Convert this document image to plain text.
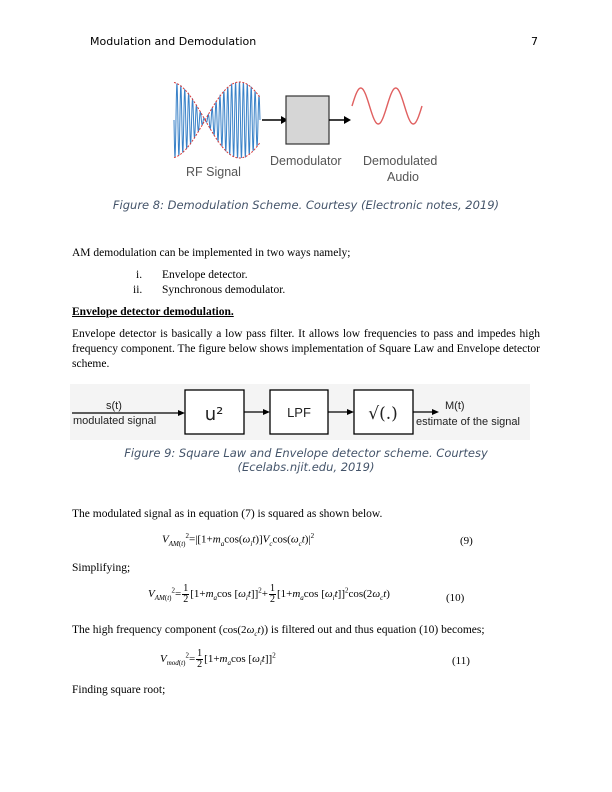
Modulation and Demodulation	7
RF Signal
Demodulator Demodulated
Audio
Figure 8: Demodulation Scheme. Courtesy (Electronic notes, 2019)
AM demodulation can be implemented in two ways namely;
i. Envelope detector.
ii. Synchronous demodulator.
Envelope detector demodulation.
Envelope detector is basically a low pass filter. It allows low frequencies to pass and impedes high frequency component. The figure below shows implementation of Square Law and Envelope detector scheme.
s(t)
modulated signal	u²	LPF	√(.)	M(t)
estimate of the signal
Figure 9: Square Law and Envelope detector scheme. Courtesy
(Ecelabs.njit.edu, 2019)
The modulated signal as in equation (7) is squared as shown below.
$V_{AM(t)}^2=|[1+m_a\cos(\omega_it)]V_c\cos(\omega_ct)|^2$	(9)
Simplifying;
$V_{AM(t)}^2= \frac{1}{2} [1+m_a\cos$ $[\omega_it]]^2+ \frac{1}{2} [1+m_a\cos$ $[\omega_it]]^2\cos(2\omega_ct)$	(10)
The high frequency component $(\cos(2\omega_ct))$ is filtered out and thus equation (10) becomes;
$V_{mod(t)}^2= \frac{1}{2} [1+m_a\cos$ $[\omega_it]]^2$	(11)
Finding square root;
